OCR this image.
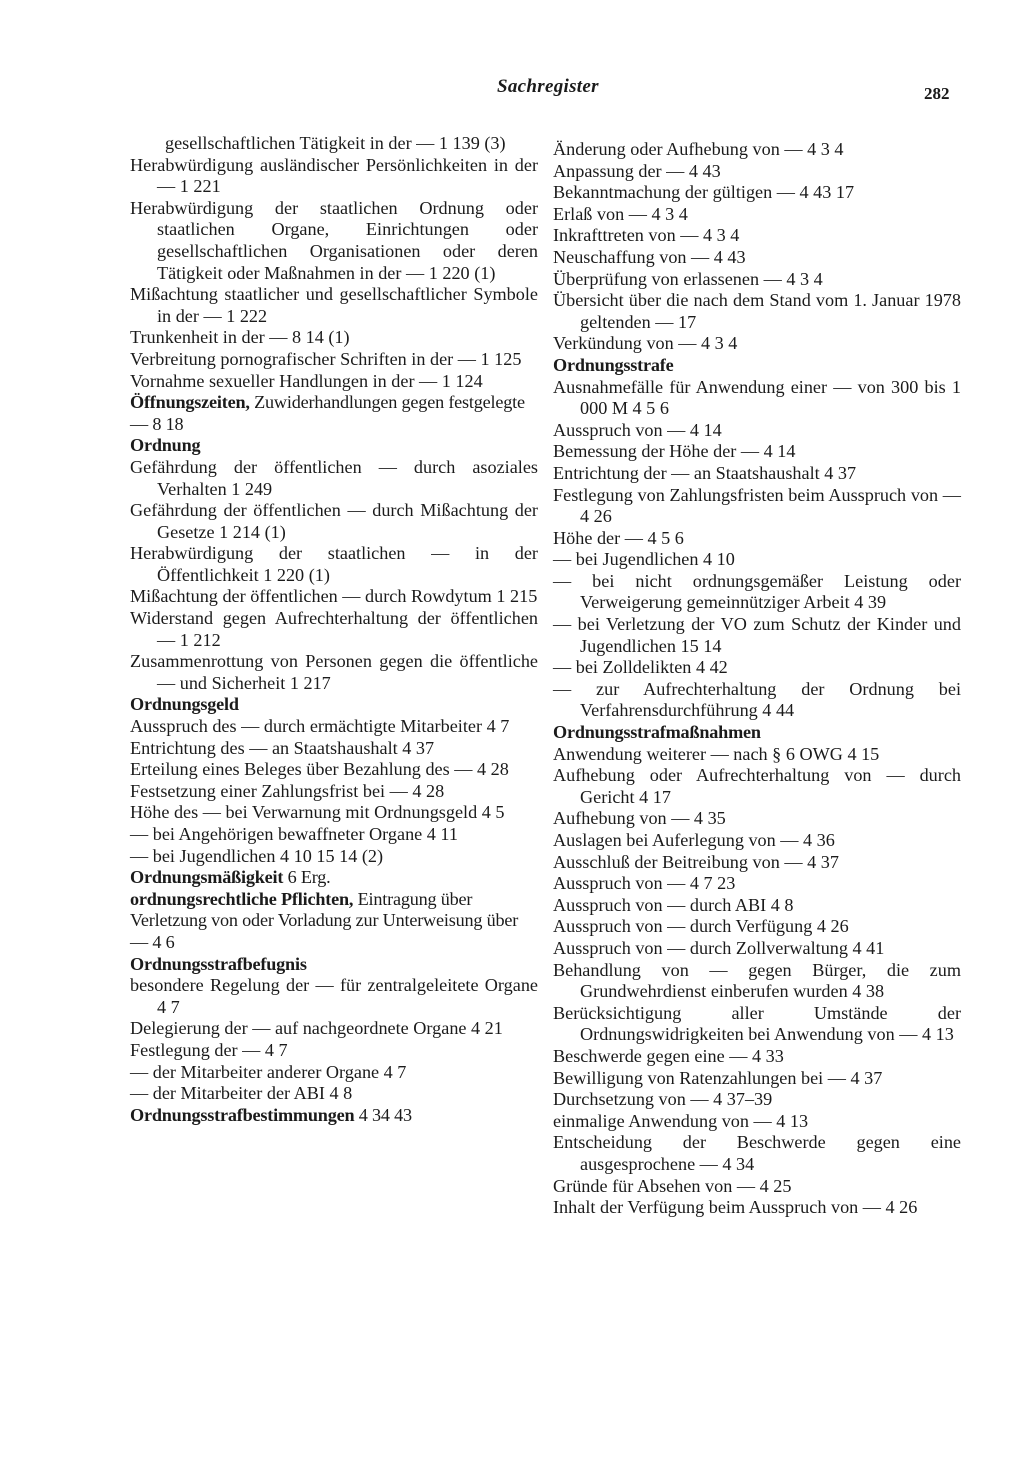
Sachregister	282

gesellschaftlichen Tätigkeit in der — 1 139 (3)

Herabwürdigung ausländischer Persönlichkeiten in der — 1 221

Herabwürdigung der staatlichen Ordnung oder staatlichen Organe, Einrichtungen oder gesellschaftlichen Organisationen oder deren Tätigkeit oder Maßnahmen in der — 1 220 (1)

Mißachtung staatlicher und gesellschaftlicher Symbole in der — 1 222

Trunkenheit in der — 8 14 (1)

Verbreitung pornografischer Schriften in der — 1 125

Vornahme sexueller Handlungen in der — 1 124

Öffnungszeiten, Zuwiderhandlungen gegen festgelegte — 8 18

Ordnung

Gefährdung der öffentlichen — durch asoziales Verhalten 1 249

Gefährdung der öffentlichen — durch Mißachtung der Gesetze 1 214 (1)

Herabwürdigung der staatlichen — in der Öffentlichkeit 1 220 (1)

Mißachtung der öffentlichen — durch Rowdytum 1 215

Widerstand gegen Aufrechterhaltung der öffentlichen — 1 212

Zusammenrottung von Personen gegen die öffentliche — und Sicherheit 1 217

Ordnungsgeld

Ausspruch des — durch ermächtigte Mitarbeiter 4 7

Entrichtung des — an Staatshaushalt 4 37

Erteilung eines Beleges über Bezahlung des — 4 28

Festsetzung einer Zahlungsfrist bei — 4 28

Höhe des — bei Verwarnung mit Ordnungsgeld 4 5

— bei Angehörigen bewaffneter Organe 4 11

— bei Jugendlichen 4 10 15 14 (2)

Ordnungsmäßigkeit 6 Erg.

ordnungsrechtliche Pflichten, Eintragung über Verletzung von oder Vorladung zur Unterweisung über — 4 6

Ordnungsstrafbefugnis

besondere Regelung der — für zentralgeleitete Organe 4 7

Delegierung der — auf nachgeordnete Organe 4 21

Festlegung der — 4 7

— der Mitarbeiter anderer Organe 4 7

— der Mitarbeiter der ABI 4 8

Ordnungsstrafbestimmungen 4 34 43

Änderung oder Aufhebung von — 4 3 4

Anpassung der — 4 43

Bekanntmachung der gültigen — 4 43 17

Erlaß von — 4 3 4

Inkrafttreten von — 4 3 4

Neuschaffung von — 4 43

Überprüfung von erlassenen — 4 3 4

Übersicht über die nach dem Stand vom 1. Januar 1978 geltenden — 17

Verkündung von — 4 3 4

Ordnungsstrafe

Ausnahmefälle für Anwendung einer — von 300 bis 1 000 M 4 5 6

Ausspruch von — 4 14

Bemessung der Höhe der — 4 14

Entrichtung der — an Staatshaushalt 4 37

Festlegung von Zahlungsfristen beim Ausspruch von — 4 26

Höhe der — 4 5 6

— bei Jugendlichen 4 10

— bei nicht ordnungsgemäßer Leistung oder Verweigerung gemeinnütziger Arbeit 4 39

— bei Verletzung der VO zum Schutz der Kinder und Jugendlichen 15 14

— bei Zolldelikten 4 42

— zur Aufrechterhaltung der Ordnung bei Verfahrensdurchführung 4 44

Ordnungsstrafmaßnahmen

Anwendung weiterer — nach § 6 OWG 4 15

Aufhebung oder Aufrechterhaltung von — durch Gericht 4 17

Aufhebung von — 4 35

Auslagen bei Auferlegung von — 4 36

Ausschluß der Beitreibung von — 4 37

Ausspruch von — 4 7 23

Ausspruch von — durch ABI 4 8

Ausspruch von — durch Verfügung 4 26

Ausspruch von — durch Zollverwaltung 4 41

Behandlung von — gegen Bürger, die zum Grundwehrdienst einberufen wurden 4 38

Berücksichtigung aller Umstände der Ordnungswidrigkeiten bei Anwendung von — 4 13

Beschwerde gegen eine — 4 33

Bewilligung von Ratenzahlungen bei — 4 37

Durchsetzung von — 4 37–39

einmalige Anwendung von — 4 13

Entscheidung der Beschwerde gegen eine ausgesprochene — 4 34

Gründe für Absehen von — 4 25

Inhalt der Verfügung beim Ausspruch von — 4 26
